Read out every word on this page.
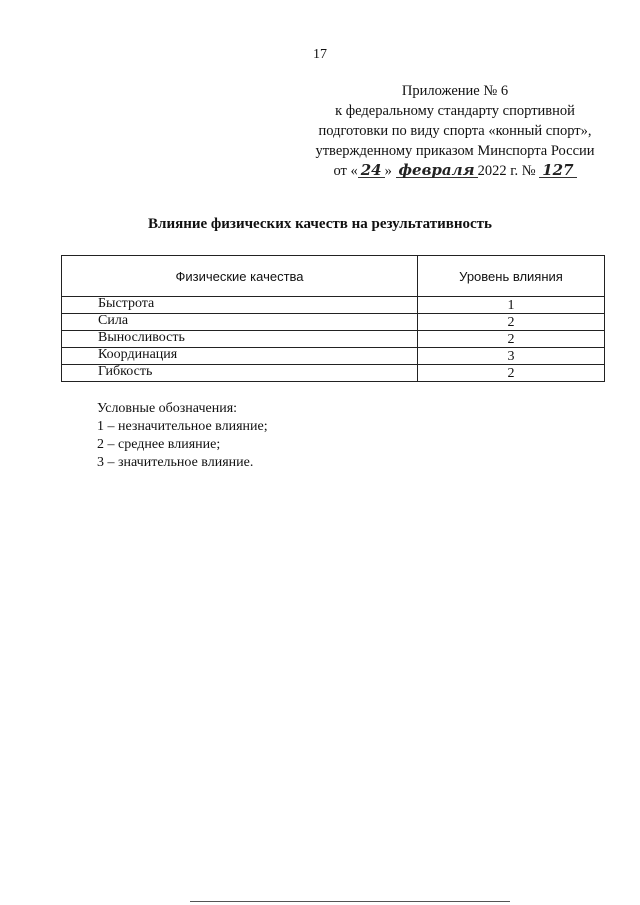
17
Приложение № 6
к федеральному стандарту спортивной
подготовки по виду спорта «конный спорт»,
утвержденному приказом Минспорта России
от « 24 » февраля 2022 г. № 127
Влияние физических качеств на результативность
Физические качества	Уровень влияния
Быстрота	1
Сила	2
Выносливость	2
Координация	3
Гибкость	2
Условные обозначения:
1 – незначительное влияние;
2 – среднее влияние;
3 – значительное влияние.
